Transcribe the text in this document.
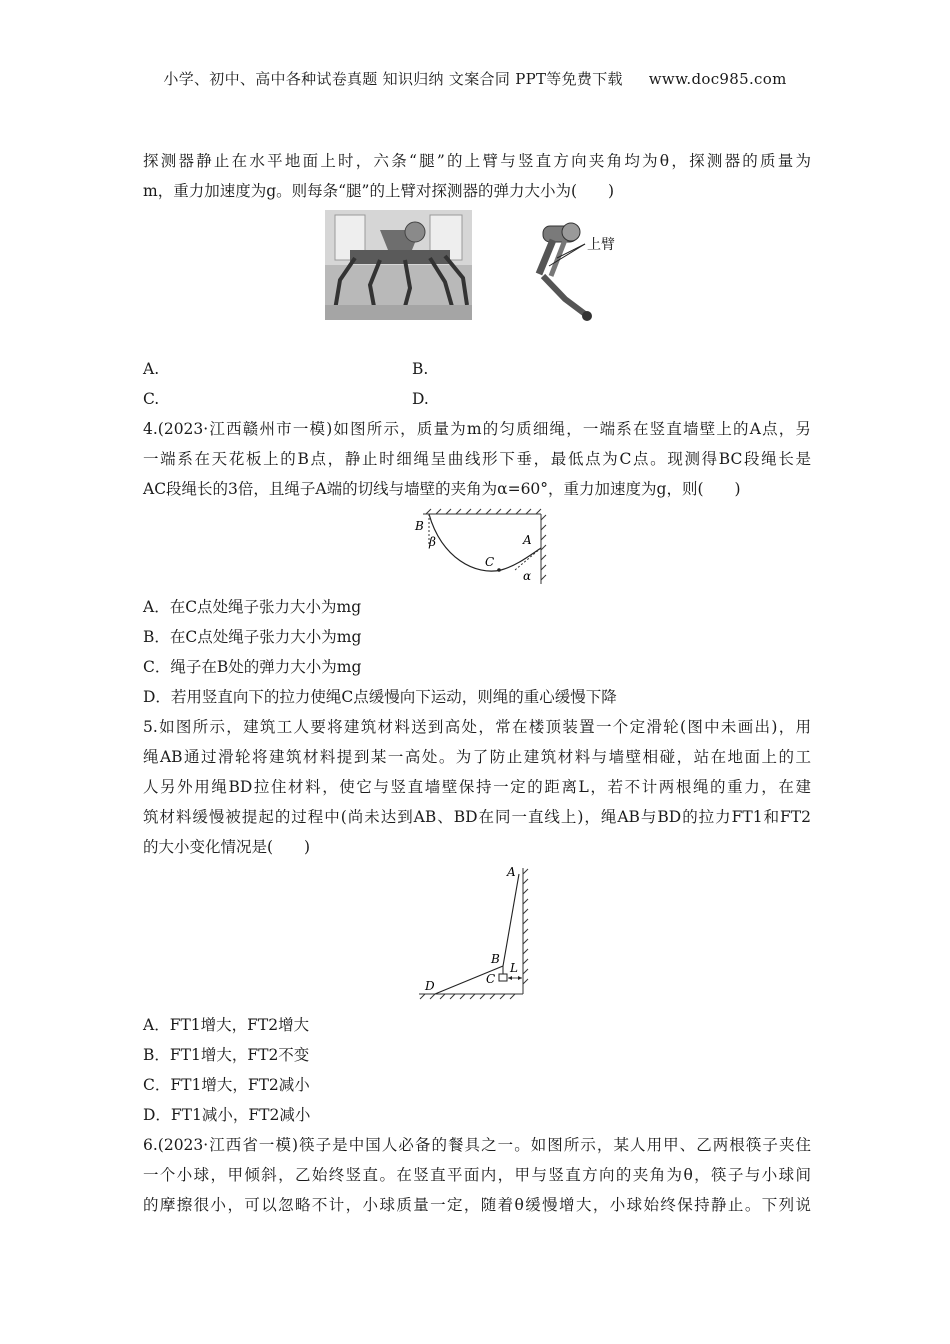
小学、初中、高中各种试卷真题 知识归纳 文案合同 PPT等免费下载 www.doc985.com
探测器静止在水平地面上时，六条“腿”的上臂与竖直方向夹角均为θ，探测器的质量为
m，重力加速度为g。则每条“腿”的上臂对探测器的弹力大小为(　　)
上臂
A.	B.
C.	D.
4.(2023·江西赣州市一模)如图所示，质量为m的匀质细绳，一端系在竖直墙壁上的A点，另
一端系在天花板上的B点，静止时细绳呈曲线形下垂，最低点为C点。现测得BC段绳长是
AC段绳长的3倍，且绳子A端的切线与墙壁的夹角为α=60°，重力加速度为g，则(　　)
B
β
C
A
α
A．在C点处绳子张力大小为mg
B．在C点处绳子张力大小为mg
C．绳子在B处的弹力大小为mg
D．若用竖直向下的拉力使绳C点缓慢向下运动，则绳的重心缓慢下降
5.如图所示，建筑工人要将建筑材料送到高处，常在楼顶装置一个定滑轮(图中未画出)，用
绳AB通过滑轮将建筑材料提到某一高处。为了防止建筑材料与墙壁相碰，站在地面上的工
人另外用绳BD拉住材料，使它与竖直墙壁保持一定的距离L，若不计两根绳的重力，在建
筑材料缓慢被提起的过程中(尚未达到AB、BD在同一直线上)，绳AB与BD的拉力FT1和FT2
的大小变化情况是(　　)
A
B
C
L
D
A．FT1增大，FT2增大
B．FT1增大，FT2不变
C．FT1增大，FT2减小
D．FT1减小，FT2减小
6.(2023·江西省一模)筷子是中国人必备的餐具之一。如图所示，某人用甲、乙两根筷子夹住
一个小球，甲倾斜，乙始终竖直。在竖直平面内，甲与竖直方向的夹角为θ，筷子与小球间
的摩擦很小，可以忽略不计，小球质量一定，随着θ缓慢增大，小球始终保持静止。下列说
